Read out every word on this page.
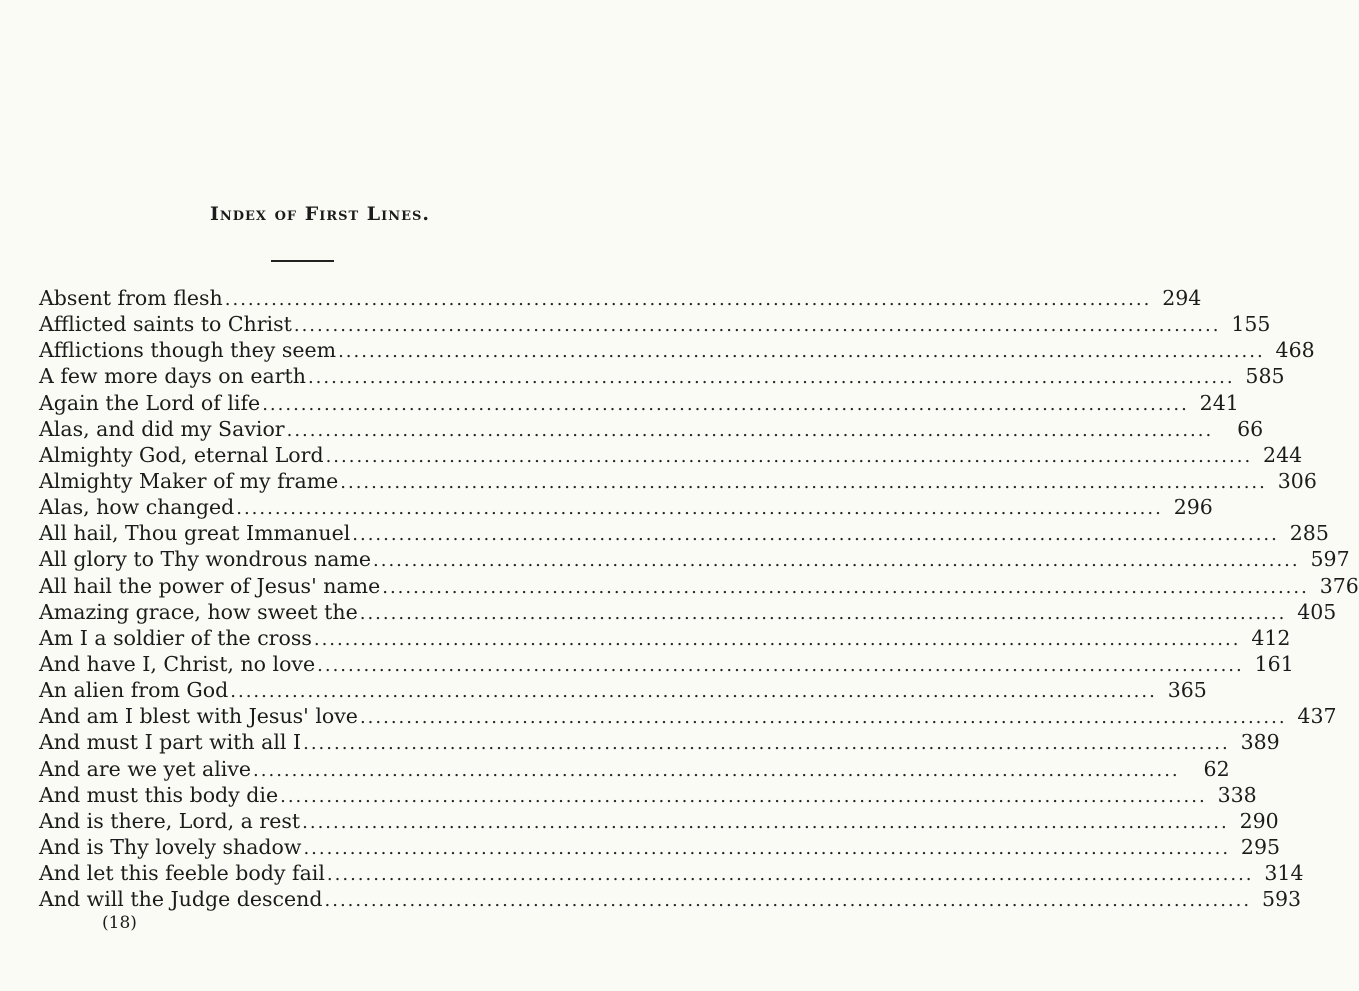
Index of First Lines.
Absent from flesh ........................................................................................................................ 294
Afflicted saints to Christ ........................................................................................................................ 155
Afflictions though they seem ........................................................................................................................ 468
A few more days on earth ........................................................................................................................ 585
Again the Lord of life ........................................................................................................................ 241
Alas, and did my Savior ........................................................................................................................	66
Almighty God, eternal Lord ........................................................................................................................ 244
Almighty Maker of my frame ........................................................................................................................ 306
Alas, how changed ........................................................................................................................ 296
All hail, Thou great Immanuel ........................................................................................................................ 285
All glory to Thy wondrous name ........................................................................................................................ 597
All hail the power of Jesus' name ........................................................................................................................ 376
Amazing grace, how sweet the ........................................................................................................................ 405
Am I a soldier of the cross ........................................................................................................................ 412
And have I, Christ, no love ........................................................................................................................ 161
An alien from God ........................................................................................................................ 365
And am I blest with Jesus' love ........................................................................................................................ 437
And must I part with all I ........................................................................................................................ 389
And are we yet alive ........................................................................................................................	62
And must this body die ........................................................................................................................ 338
And is there, Lord, a rest ........................................................................................................................ 290
And is Thy lovely shadow ........................................................................................................................ 295
And let this feeble body fail ........................................................................................................................ 314
And will the Judge descend ........................................................................................................................ 593
(18)
